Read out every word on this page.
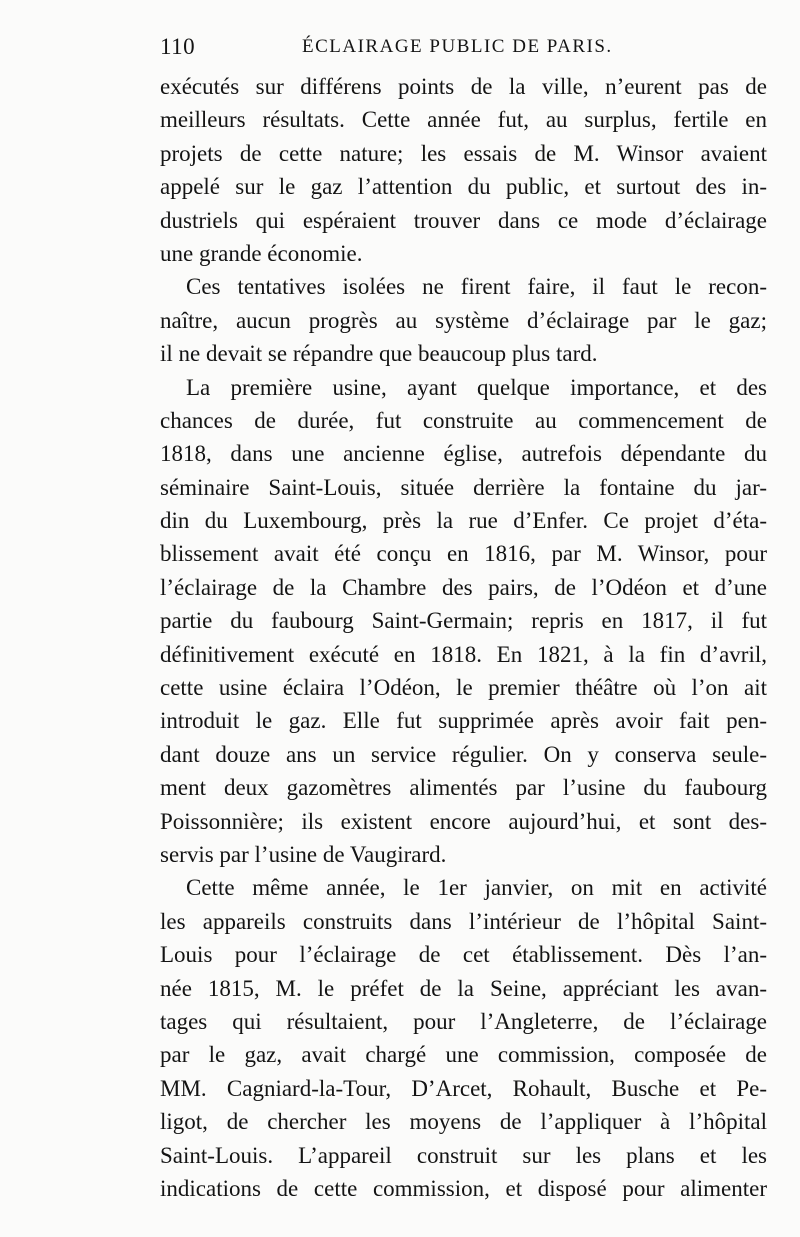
110	ÉCLAIRAGE PUBLIC DE PARIS.
exécutés sur différens points de la ville, n’eurent pas de
meilleurs résultats. Cette année fut, au surplus, fertile en
projets de cette nature; les essais de M. Winsor avaient
appelé sur le gaz l’attention du public, et surtout des in-
dustriels qui espéraient trouver dans ce mode d’éclairage
une grande économie.
Ces tentatives isolées ne firent faire, il faut le recon-
naître, aucun progrès au système d’éclairage par le gaz;
il ne devait se répandre que beaucoup plus tard.
La première usine, ayant quelque importance, et des
chances de durée, fut construite au commencement de
1818, dans une ancienne église, autrefois dépendante du
séminaire Saint-Louis, située derrière la fontaine du jar-
din du Luxembourg, près la rue d’Enfer. Ce projet d’éta-
blissement avait été conçu en 1816, par M. Winsor, pour
l’éclairage de la Chambre des pairs, de l’Odéon et d’une
partie du faubourg Saint-Germain; repris en 1817, il fut
définitivement exécuté en 1818. En 1821, à la fin d’avril,
cette usine éclaira l’Odéon, le premier théâtre où l’on ait
introduit le gaz. Elle fut supprimée après avoir fait pen-
dant douze ans un service régulier. On y conserva seule-
ment deux gazomètres alimentés par l’usine du faubourg
Poissonnière; ils existent encore aujourd’hui, et sont des-
servis par l’usine de Vaugirard.
Cette même année, le 1er janvier, on mit en activité
les appareils construits dans l’intérieur de l’hôpital Saint-
Louis pour l’éclairage de cet établissement. Dès l’an-
née 1815, M. le préfet de la Seine, appréciant les avan-
tages qui résultaient, pour l’Angleterre, de l’éclairage
par le gaz, avait chargé une commission, composée de
MM. Cagniard-la-Tour, D’Arcet, Rohault, Busche et Pe-
ligot, de chercher les moyens de l’appliquer à l’hôpital
Saint-Louis. L’appareil construit sur les plans et les
indications de cette commission, et disposé pour alimenter
